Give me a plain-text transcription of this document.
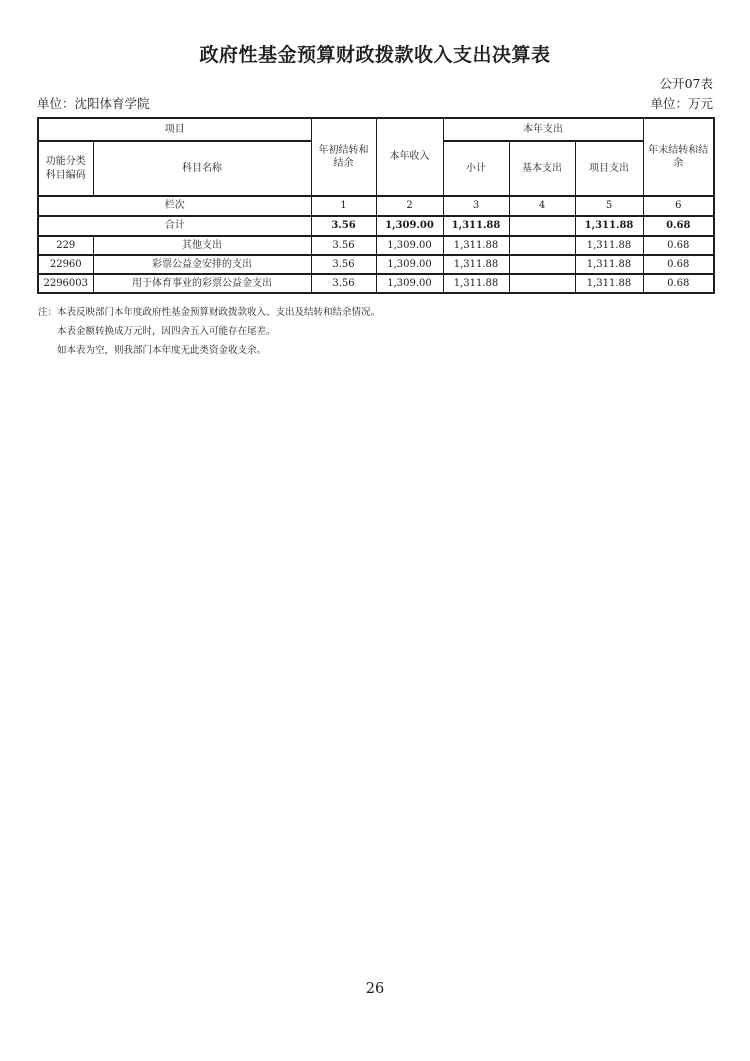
政府性基金预算财政拨款收入支出决算表
公开07表
单位：沈阳体育学院	单位：万元
项目		年初结转和结余	本年收入	本年支出			年末结转和结余
功能分类科目编码	科目名称			小计	基本支出	项目支出	
栏次		1	2	3	4	5	6
合计		3.56	1,309.00	1,311.88		1,311.88	0.68
229	其他支出	3.56	1,309.00	1,311.88		1,311.88	0.68
22960	彩票公益金安排的支出	3.56	1,309.00	1,311.88		1,311.88	0.68
2296003	用于体育事业的彩票公益金支出	3.56	1,309.00	1,311.88		1,311.88	0.68
注：本表反映部门本年度政府性基金预算财政拨款收入、支出及结转和结余情况。
本表金额转换成万元时，因四舍五入可能存在尾差。
如本表为空，则我部门本年度无此类资金收支余。
26
